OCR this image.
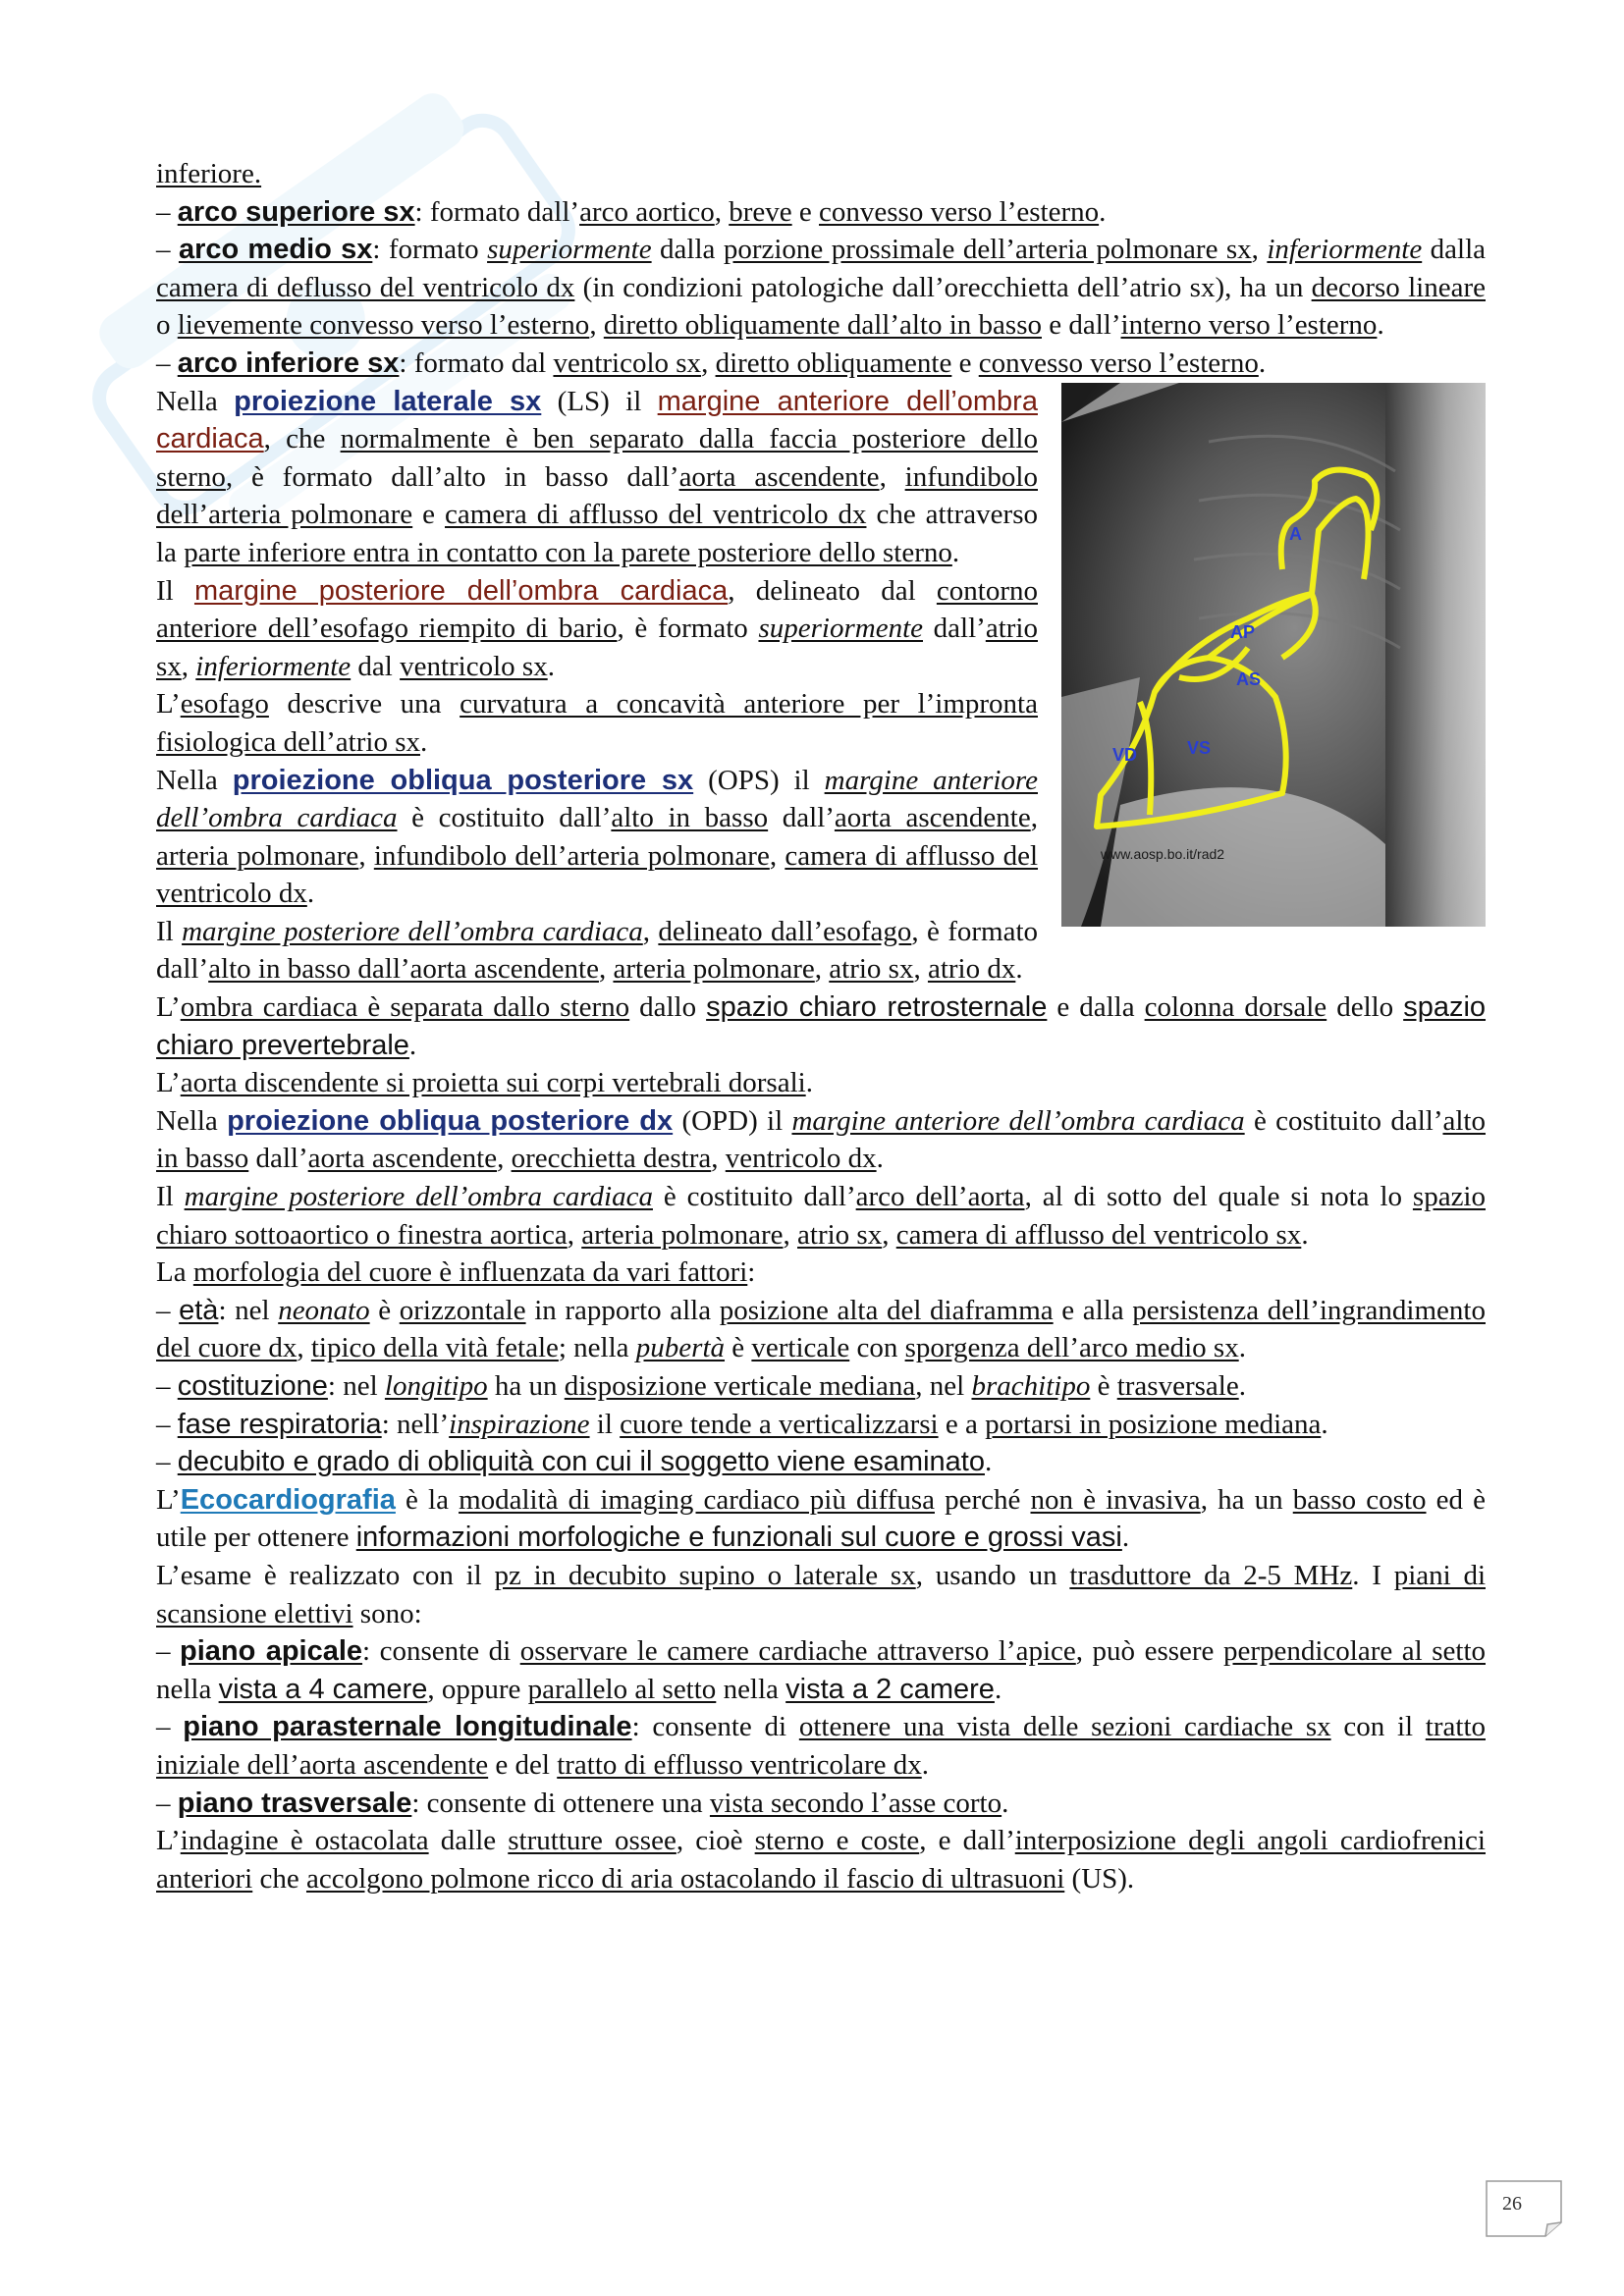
inferiore.

– arco superiore sx: formato dall’arco aortico, breve e convesso verso l’esterno.

– arco medio sx: formato superiormente dalla porzione prossimale dell’arteria polmonare sx, inferiormente dalla camera di deflusso del ventricolo dx (in condizioni patologiche dall’orecchietta dell’atrio sx), ha un decorso lineare o lievemente convesso verso l’esterno, diretto obliquamente dall’alto in basso e dall’interno verso l’esterno.

– arco inferiore sx: formato dal ventricolo sx, diretto obliquamente e convesso verso l’esterno.

A
AP
AS
VD	VS
www.aosp.bo.it/rad2

Nella proiezione laterale sx (LS) il margine anteriore dell’ombra cardiaca, che normalmente è ben separato dalla faccia posteriore dello sterno, è formato dall’alto in basso dall’aorta ascendente, infundibolo dell’arteria polmonare e camera di afflusso del ventricolo dx che attraverso la parte inferiore entra in contatto con la parete posteriore dello sterno.

Il margine posteriore dell’ombra cardiaca, delineato dal contorno anteriore dell’esofago riempito di bario, è formato superiormente dall’atrio sx, inferiormente dal ventricolo sx.

L’esofago descrive una curvatura a concavità anteriore per l’impronta fisiologica dell’atrio sx.

Nella proiezione obliqua posteriore sx (OPS) il margine anteriore dell’ombra cardiaca è costituito dall’alto in basso dall’aorta ascendente, arteria polmonare, infundibolo dell’arteria polmonare, camera di afflusso del ventricolo dx.

Il margine posteriore dell’ombra cardiaca, delineato dall’esofago, è formato dall’alto in basso dall’aorta ascendente, arteria polmonare, atrio sx, atrio dx.

L’ombra cardiaca è separata dallo sterno dallo spazio chiaro retrosternale e dalla colonna dorsale dello spazio chiaro prevertebrale.

L’aorta discendente si proietta sui corpi vertebrali dorsali.

Nella proiezione obliqua posteriore dx (OPD) il margine anteriore dell’ombra cardiaca è costituito dall’alto in basso dall’aorta ascendente, orecchietta destra, ventricolo dx.

Il margine posteriore dell’ombra cardiaca è costituito dall’arco dell’aorta, al di sotto del quale si nota lo spazio chiaro sottoaortico o finestra aortica, arteria polmonare, atrio sx, camera di afflusso del ventricolo sx.

La morfologia del cuore è influenzata da vari fattori:

– età: nel neonato è orizzontale in rapporto alla posizione alta del diaframma e alla persistenza dell’ingrandimento del cuore dx, tipico della vità fetale; nella pubertà è verticale con sporgenza dell’arco medio sx.

– costituzione: nel longitipo ha un disposizione verticale mediana, nel brachitipo è trasversale.

– fase respiratoria: nell’inspirazione il cuore tende a verticalizzarsi e a portarsi in posizione mediana.

– decubito e grado di obliquità con cui il soggetto viene esaminato.

L’Ecocardiografia è la modalità di imaging cardiaco più diffusa perché non è invasiva, ha un basso costo ed è utile per ottenere informazioni morfologiche e funzionali sul cuore e grossi vasi.

L’esame è realizzato con il pz in decubito supino o laterale sx, usando un trasduttore da 2-5 MHz. I piani di scansione elettivi sono:

– piano apicale: consente di osservare le camere cardiache attraverso l’apice, può essere perpendicolare al setto nella vista a 4 camere, oppure parallelo al setto nella vista a 2 camere.

– piano parasternale longitudinale: consente di ottenere una vista delle sezioni cardiache sx con il tratto iniziale dell’aorta ascendente e del tratto di efflusso ventricolare dx.

– piano trasversale: consente di ottenere una vista secondo l’asse corto.

L’indagine è ostacolata dalle strutture ossee, cioè sterno e coste, e dall’interposizione degli angoli cardiofrenici anteriori che accolgono polmone ricco di aria ostacolando il fascio di ultrasuoni (US).

26
